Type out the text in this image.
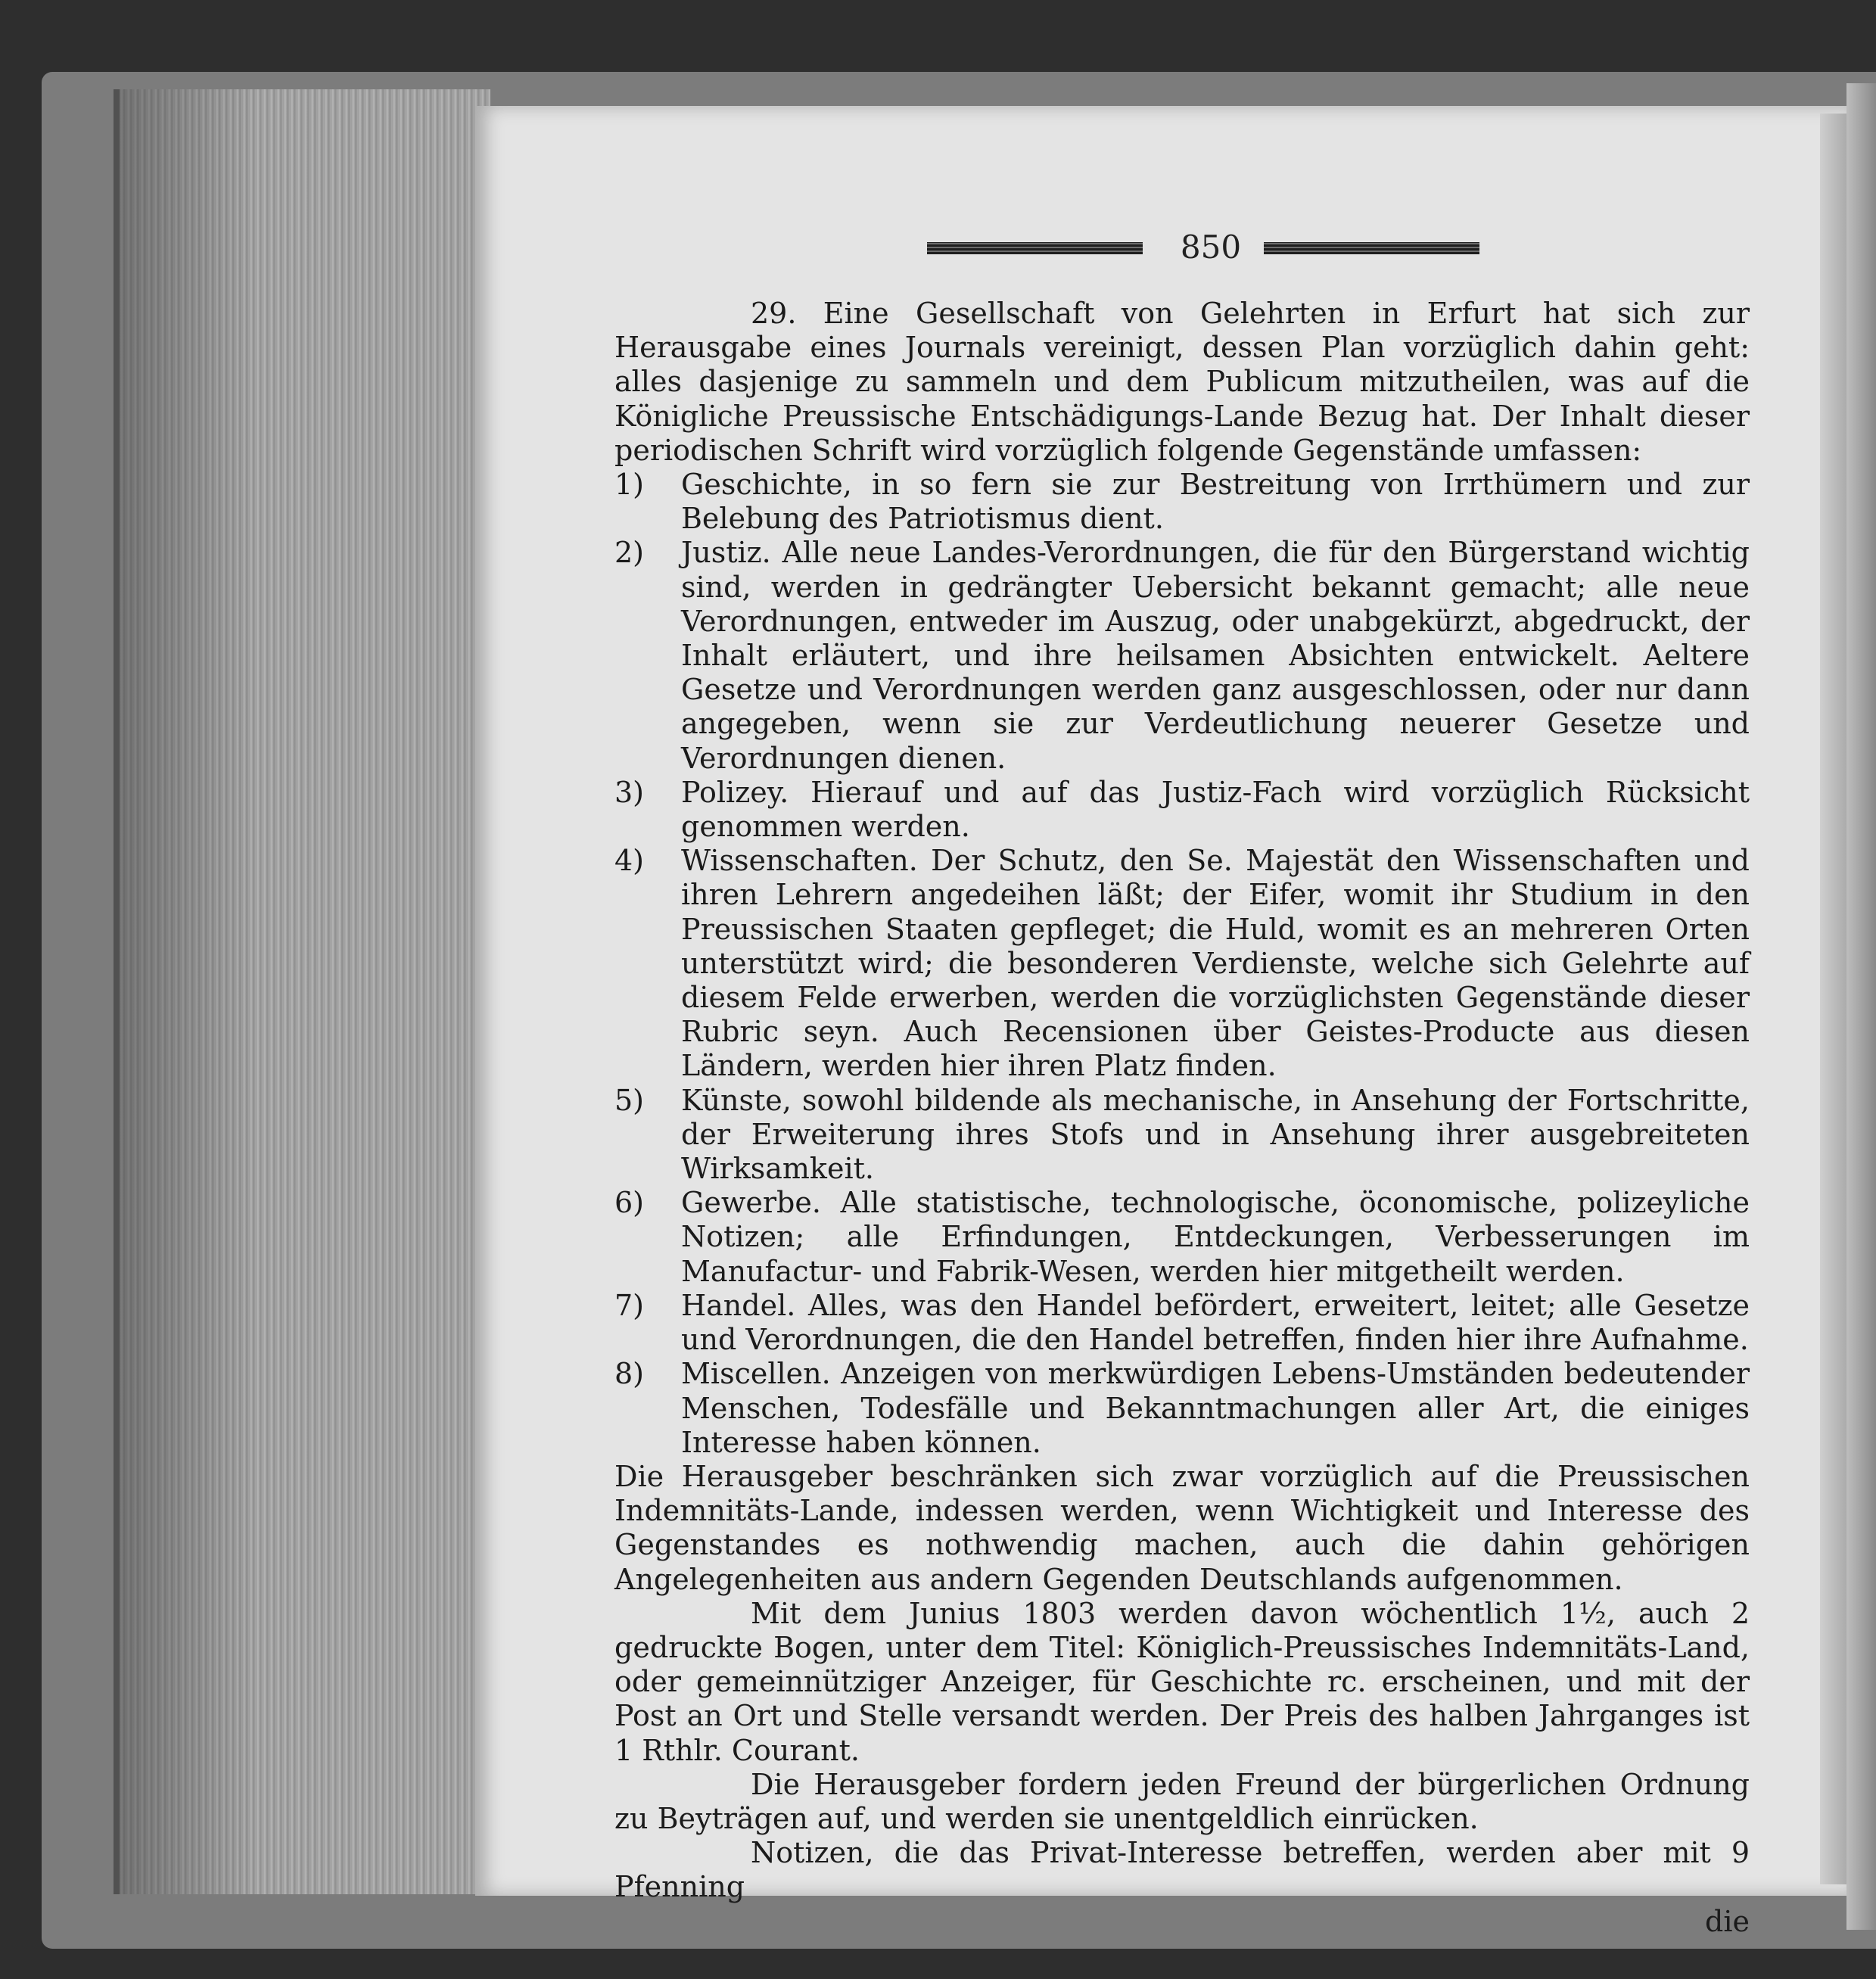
850

29. Eine Gesellschaft von Gelehrten in Erfurt hat sich zur Herausgabe eines Journals vereinigt, dessen Plan vorzüglich dahin geht: alles dasjenige zu sammeln und dem Publicum mitzutheilen, was auf die Königliche Preussische Entschädigungs-Lande Bezug hat. Der Inhalt dieser periodischen Schrift wird vorzüglich folgende Gegenstände umfassen:

1) Geschichte, in so fern sie zur Bestreitung von Irrthümern und zur Belebung des Patriotismus dient.
2) Justiz. Alle neue Landes-Verordnungen, die für den Bürgerstand wichtig sind, werden in gedrängter Uebersicht bekannt gemacht; alle neue Verordnungen, entweder im Auszug, oder unabgekürzt, abgedruckt, der Inhalt erläutert, und ihre heilsamen Absichten entwickelt. Aeltere Gesetze und Verordnungen werden ganz ausgeschlossen, oder nur dann angegeben, wenn sie zur Verdeutlichung neuerer Gesetze und Verordnungen dienen.
3) Polizey. Hierauf und auf das Justiz-Fach wird vorzüglich Rücksicht genommen werden.
4) Wissenschaften. Der Schutz, den Se. Majestät den Wissenschaften und ihren Lehrern angedeihen läßt; der Eifer, womit ihr Studium in den Preussischen Staaten gepfleget; die Huld, womit es an mehreren Orten unterstützt wird; die besonderen Verdienste, welche sich Gelehrte auf diesem Felde erwerben, werden die vorzüglichsten Gegenstände dieser Rubric seyn. Auch Recensionen über Geistes-Producte aus diesen Ländern, werden hier ihren Platz finden.
5) Künste, sowohl bildende als mechanische, in Ansehung der Fortschritte, der Erweiterung ihres Stofs und in Ansehung ihrer ausgebreiteten Wirksamkeit.
6) Gewerbe. Alle statistische, technologische, öconomische, polizeyliche Notizen; alle Erfindungen, Entdeckungen, Verbesserungen im Manufactur- und Fabrik-Wesen, werden hier mitgetheilt werden.
7) Handel. Alles, was den Handel befördert, erweitert, leitet; alle Gesetze und Verordnungen, die den Handel betreffen, finden hier ihre Aufnahme.
8) Miscellen. Anzeigen von merkwürdigen Lebens-Umständen bedeutender Menschen, Todesfälle und Bekanntmachungen aller Art, die einiges Interesse haben können.

Die Herausgeber beschränken sich zwar vorzüglich auf die Preussischen Indemnitäts-Lande, indessen werden, wenn Wichtigkeit und Interesse des Gegenstandes es nothwendig machen, auch die dahin gehörigen Angelegenheiten aus andern Gegenden Deutschlands aufgenommen.

Mit dem Junius 1803 werden davon wöchentlich 1½, auch 2 gedruckte Bogen, unter dem Titel: Königlich-Preussisches Indemnitäts-Land, oder gemeinnütziger Anzeiger, für Geschichte rc. erscheinen, und mit der Post an Ort und Stelle versandt werden. Der Preis des halben Jahrganges ist 1 Rthlr. Courant.

Die Herausgeber fordern jeden Freund der bürgerlichen Ordnung zu Beyträgen auf, und werden sie unentgeldlich einrücken.

Notizen, die das Privat-Interesse betreffen, werden aber mit 9 Pfenning

die
